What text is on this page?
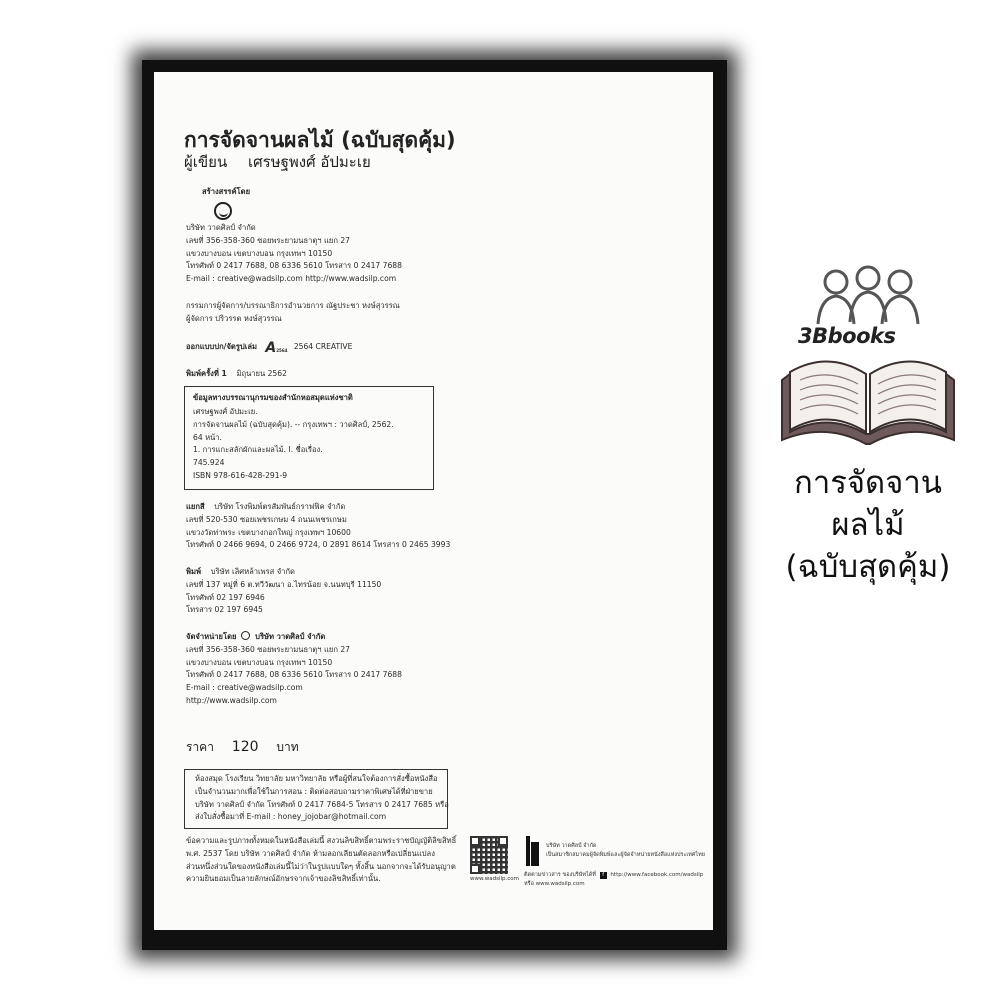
การจัดจานผลไม้ (ฉบับสุดคุ้ม)
ผู้เขียน เศรษฐพงศ์ อัปมะเย
สร้างสรรค์โดย
บริษัท วาดศิลป์ จำกัด
เลขที่ 356-358-360 ซอยพระยามนธาตุฯ แยก 27
แขวงบางบอน เขตบางบอน กรุงเทพฯ 10150
โทรศัพท์ 0 2417 7688, 08 6336 5610 โทรสาร 0 2417 7688
E-mail : creative@wadsilp.com http://www.wadsilp.com
กรรมการผู้จัดการ/บรรณาธิการอำนวยการ ณัฐประชา หงษ์สุวรรณ
ผู้จัดการ ปริวรรต หงษ์สุวรรณ
ออกแบบปก/จัดรูปเล่ม A2564 2564 CREATIVE
พิมพ์ครั้งที่ 1 มิถุนายน 2562
ข้อมูลทางบรรณานุกรมของสำนักหอสมุดแห่งชาติ
เศรษฐพงศ์ อัปมะเย.
การจัดจานผลไม้ (ฉบับสุดคุ้ม). -- กรุงเทพฯ : วาดศิลป์, 2562.
64 หน้า.
1. การแกะสลักผักและผลไม้. I. ชื่อเรื่อง.
745.924
ISBN 978-616-428-291-9
แยกสี บริษัท โรงพิมพ์ตรสัมพันธ์กราฟฟิค จำกัด
เลขที่ 520-530 ซอยเพชรเกษม 4 ถนนเพชรเกษม
แขวงวัดท่าพระ เขตบางกอกใหญ่ กรุงเทพฯ 10600
โทรศัพท์ 0 2466 9694, 0 2466 9724, 0 2891 8614 โทรสาร 0 2465 3993
พิมพ์ บริษัท เลิศหล้าเพรส จำกัด
เลขที่ 137 หมู่ที่ 6 ต.ทวีวัฒนา อ.ไทรน้อย จ.นนทบุรี 11150
โทรศัพท์ 02 197 6946
โทรสาร 02 197 6945
จัดจำหน่ายโดย บริษัท วาดศิลป์ จำกัด
เลขที่ 356-358-360 ซอยพระยามนธาตุฯ แยก 27
แขวงบางบอน เขตบางบอน กรุงเทพฯ 10150
โทรศัพท์ 0 2417 7688, 08 6336 5610 โทรสาร 0 2417 7688
E-mail : creative@wadsilp.com
http://www.wadsilp.com
ราคา 120 บาท
ห้องสมุด โรงเรียน วิทยาลัย มหาวิทยาลัย หรือผู้ที่สนใจต้องการสั่งซื้อหนังสือ
เป็นจำนวนมากเพื่อใช้ในการสอน : ติดต่อสอบถามราคาพิเศษได้ที่ฝ่ายขาย
บริษัท วาดศิลป์ จำกัด โทรศัพท์ 0 2417 7684-5 โทรสาร 0 2417 7685 หรือ
ส่งใบสั่งซื้อมาที่ E-mail : honey_jojobar@hotmail.com
ข้อความและรูปภาพทั้งหมดในหนังสือเล่มนี้ สงวนลิขสิทธิ์ตามพระราชบัญญัติลิขสิทธิ์
พ.ศ. 2537 โดย บริษัท วาดศิลป์ จำกัด ห้ามลอกเลียนตัดลอกหรือเปลี่ยนแปลง
ส่วนหนึ่งส่วนใดของหนังสือเล่มนี้ไม่ว่าในรูปแบบใดๆ ทั้งสิ้น นอกจากจะได้รับอนุญาต
ความยินยอมเป็นลายลักษณ์อักษรจากเจ้าของลิขสิทธิ์เท่านั้น.	www.wadsilp.com
บริษัท วาดศิลป์ จำกัด
เป็นสมาชิกสมาคมผู้จัดพิมพ์และผู้จัดจำหน่ายหนังสือแห่งประเทศไทย
ติดตามข่าวสาร ของบริษัทได้ที่ f http://www.facebook.com/wadsilp
หรือ www.wadsilp.com
3Bbooks
การจัดจาน
ผลไม้
(ฉบับสุดคุ้ม)
